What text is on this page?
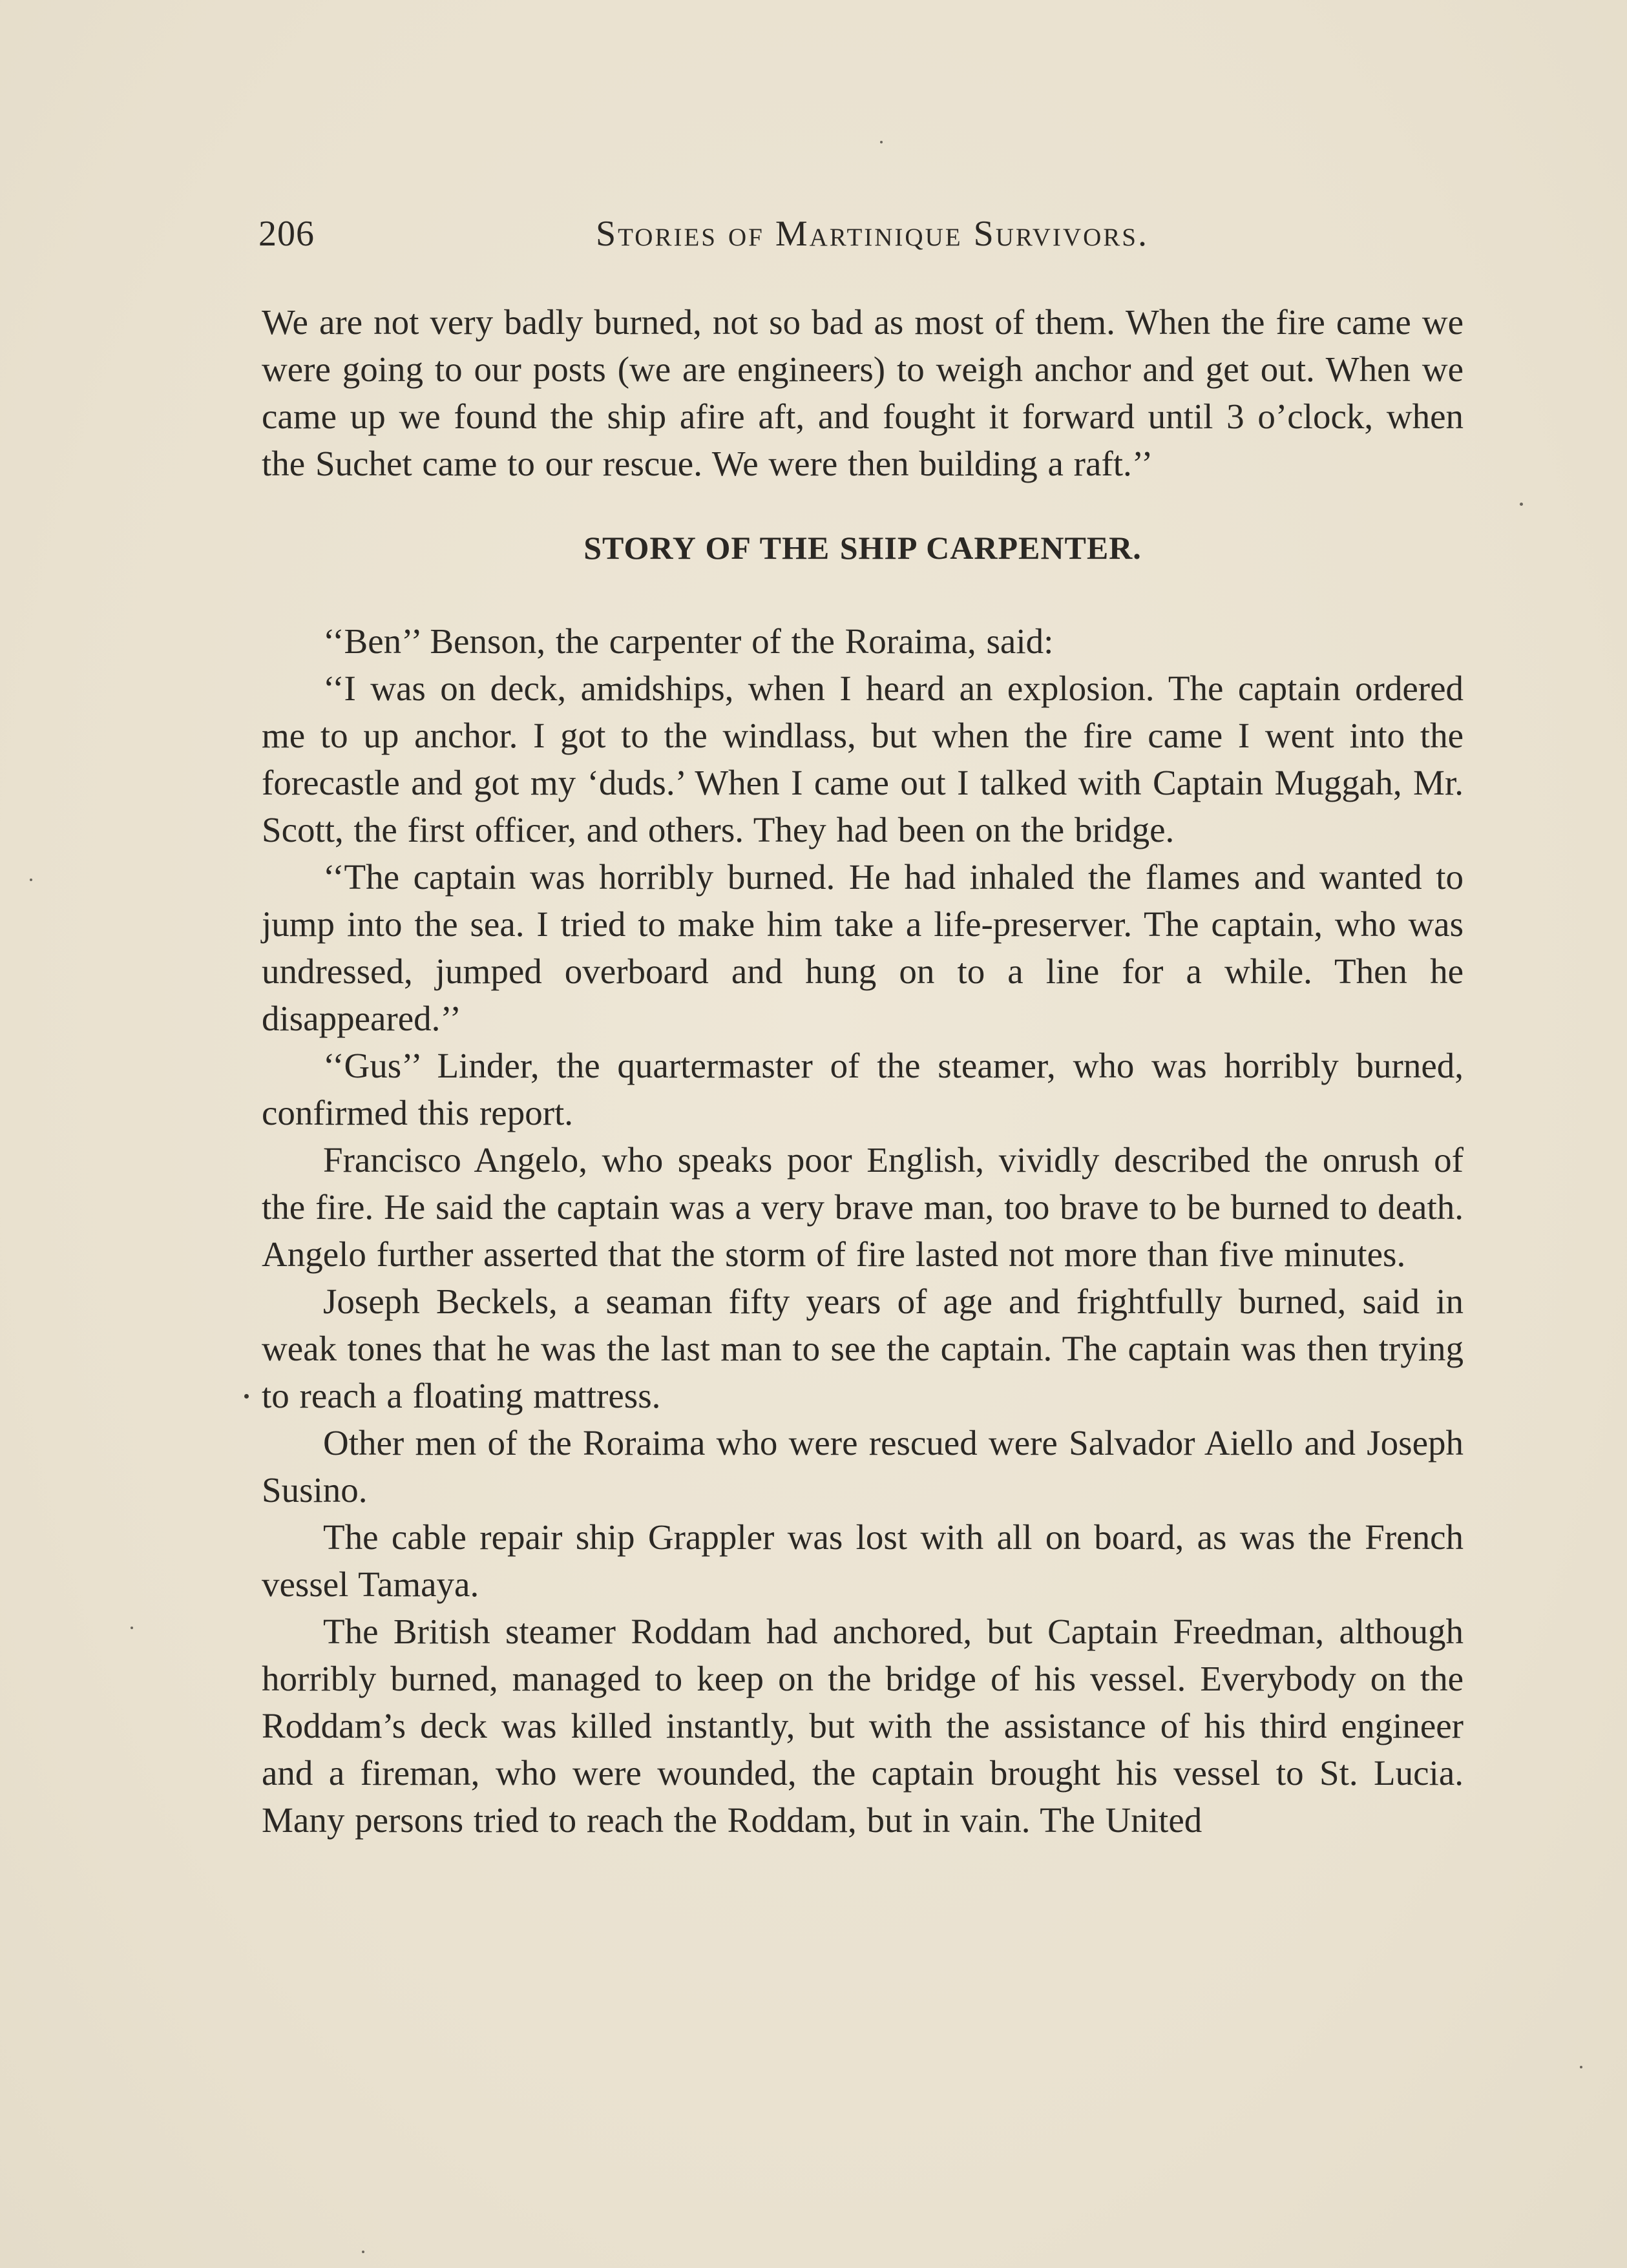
206	Stories of Martinique Survivors.

We are not very badly burned, not so bad as most of them. When the fire came we were going to our posts (we are engineers) to weigh anchor and get out. When we came up we found the ship afire aft, and fought it forward until 3 o’clock, when the Suchet came to our rescue. We were then building a raft.’’

STORY OF THE SHIP CARPENTER.

‘‘Ben’’ Benson, the carpenter of the Roraima, said:

‘‘I was on deck, amidships, when I heard an explosion. The captain ordered me to up anchor. I got to the windlass, but when the fire came I went into the forecastle and got my ‘duds.’ When I came out I talked with Captain Muggah, Mr. Scott, the first officer, and others. They had been on the bridge.

‘‘The captain was horribly burned. He had inhaled the flames and wanted to jump into the sea. I tried to make him take a life-preserver. The captain, who was undressed, jumped overboard and hung on to a line for a while. Then he disappeared.’’

‘‘Gus’’ Linder, the quartermaster of the steamer, who was horribly burned, confirmed this report.

Francisco Angelo, who speaks poor English, vividly described the onrush of the fire. He said the captain was a very brave man, too brave to be burned to death. Angelo further asserted that the storm of fire lasted not more than five minutes.

Joseph Beckels, a seaman fifty years of age and frightfully burned, said in weak tones that he was the last man to see the captain. The captain was then trying to reach a floating mattress.

Other men of the Roraima who were rescued were Salvador Aiello and Joseph Susino.

The cable repair ship Grappler was lost with all on board, as was the French vessel Tamaya.

The British steamer Roddam had anchored, but Captain Freedman, although horribly burned, managed to keep on the bridge of his vessel. Everybody on the Roddam’s deck was killed instantly, but with the assistance of his third engineer and a fireman, who were wounded, the captain brought his vessel to St. Lucia. Many persons tried to reach the Roddam, but in vain. The United
